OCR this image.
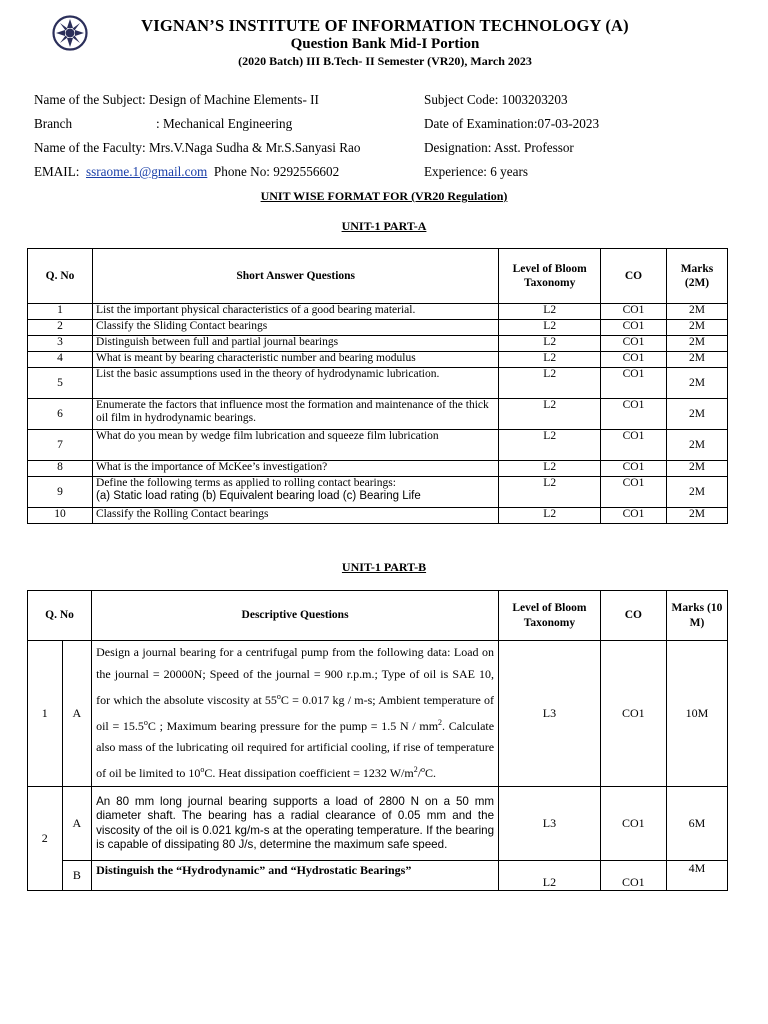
VIGNAN’S INSTITUTE OF INFORMATION TECHNOLOGY (A)
Question Bank Mid-I Portion
(2020 Batch) III B.Tech- II Semester (VR20), March 2023
Name of the Subject: Design of Machine Elements- II
Branch	: Mechanical Engineering
Name of the Faculty: Mrs.V.Naga Sudha & Mr.S.Sanyasi Rao
EMAIL: ssraome.1@gmail.com Phone No: 9292556602
Subject Code: 1003203203
Date of Examination:07-03-2023
Designation: Asst. Professor
Experience: 6 years
UNIT WISE FORMAT FOR (VR20 Regulation)
UNIT-1 PART-A
Q. No	Short Answer Questions	Level of Bloom Taxonomy	CO	Marks (2M)
1	List the important physical characteristics of a good bearing material.	L2	CO1	2M
2	Classify the Sliding Contact bearings	L2	CO1	2M
3	Distinguish between full and partial journal bearings	L2	CO1	2M
4	What is meant by bearing characteristic number and bearing modulus	L2	CO1	2M
5	List the basic assumptions used in the theory of hydrodynamic lubrication.	L2	CO1	2M
6	Enumerate the factors that influence most the formation and maintenance of the thick oil film in hydrodynamic bearings.	L2	CO1	2M
7	What do you mean by wedge film lubrication and squeeze film lubrication	L2	CO1	2M
8	What is the importance of McKee’s investigation?	L2	CO1	2M
9	Define the following terms as applied to rolling contact bearings:
(a) Static load rating (b) Equivalent bearing load (c) Bearing Life	L2	CO1	2M
10	Classify the Rolling Contact bearings	L2	CO1	2M
UNIT-1 PART-B
Q. No		Descriptive Questions	Level of Bloom Taxonomy	CO	Marks (10 M)
1	A	Design a journal bearing for a centrifugal pump from the following data: Load on the journal = 20000N; Speed of the journal = 900 r.p.m.; Type of oil is SAE 10, for which the absolute viscosity at $55^oC = 0.017$ kg / m-s; Ambient temperature of oil = $15.5^oC$ ; Maximum bearing pressure for the pump = 1.5 N / $mm^2$. Calculate also mass of the lubricating oil required for artificial cooling, if rise of temperature of oil be limited to 10$^o$C. Heat dissipation coefficient = 1232 $W/m^2/^oC$.	L3	CO1	10M
2	A	An 80 mm long journal bearing supports a load of 2800 N on a 50 mm diameter shaft. The bearing has a radial clearance of 0.05 mm and the viscosity of the oil is 0.021 kg/m-s at the operating temperature. If the bearing is capable of dissipating 80 J/s, determine the maximum safe speed.	L3	CO1	6M
	B	Distinguish the “Hydrodynamic” and “Hydrostatic Bearings”	L2	CO1	4M
